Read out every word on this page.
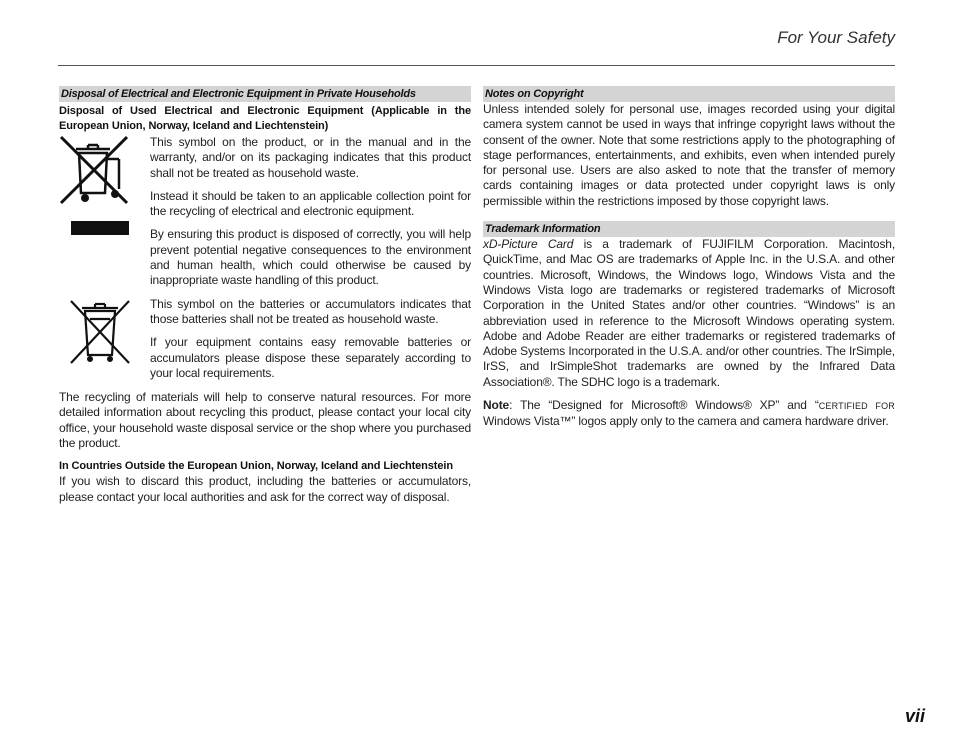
For Your Safety
Disposal of Electrical and Electronic Equipment in Private Households
Disposal of Used Electrical and Electronic Equipment (Applicable in the European Union, Norway, Iceland and Liechtenstein)

This symbol on the product, or in the manual and in the warranty, and/or on its packaging indicates that this product shall not be treated as household waste.

Instead it should be taken to an applicable collection point for the recycling of electrical and electronic equipment.

By ensuring this product is disposed of correctly, you will help prevent potential negative consequences to the environment and human health, which could otherwise be caused by inappropriate waste handling of this product.

This symbol on the batteries or accumulators indicates that those batteries shall not be treated as household waste.

If your equipment contains easy removable batteries or accumulators please dispose these separately according to your local requirements.

The recycling of materials will help to conserve natural resources. For more detailed information about recycling this product, please contact your local city office, your household waste disposal service or the shop where you purchased the product.

In Countries Outside the European Union, Norway, Iceland and Liechtenstein

If you wish to discard this product, including the batteries or accumulators, please contact your local authorities and ask for the correct way of disposal.

Notes on Copyright

Unless intended solely for personal use, images recorded using your digital camera system cannot be used in ways that infringe copyright laws without the consent of the owner. Note that some restrictions apply to the photographing of stage performances, entertainments, and exhibits, even when intended purely for personal use. Users are also asked to note that the transfer of memory cards containing images or data protected under copyright laws is only permissible within the restrictions imposed by those copyright laws.

Trademark Information

xD-Picture Card is a trademark of FUJIFILM Corporation. Macintosh, QuickTime, and Mac OS are trademarks of Apple Inc. in the U.S.A. and other countries. Microsoft, Windows, the Windows logo, Windows Vista and the Windows Vista logo are trademarks or registered trademarks of Microsoft Corporation in the United States and/or other countries. “Windows” is an abbreviation used in reference to the Microsoft Windows operating system. Adobe and Adobe Reader are either trademarks or registered trademarks of Adobe Systems Incorporated in the U.S.A. and/or other countries. The IrSimple, IrSS, and IrSimpleShot trademarks are owned by the Infrared Data Association®. The SDHC logo is a trademark.

Note: The “Designed for Microsoft® Windows® XP” and “CERTIFIED FOR Windows Vista™” logos apply only to the camera and camera hardware driver.

vii
